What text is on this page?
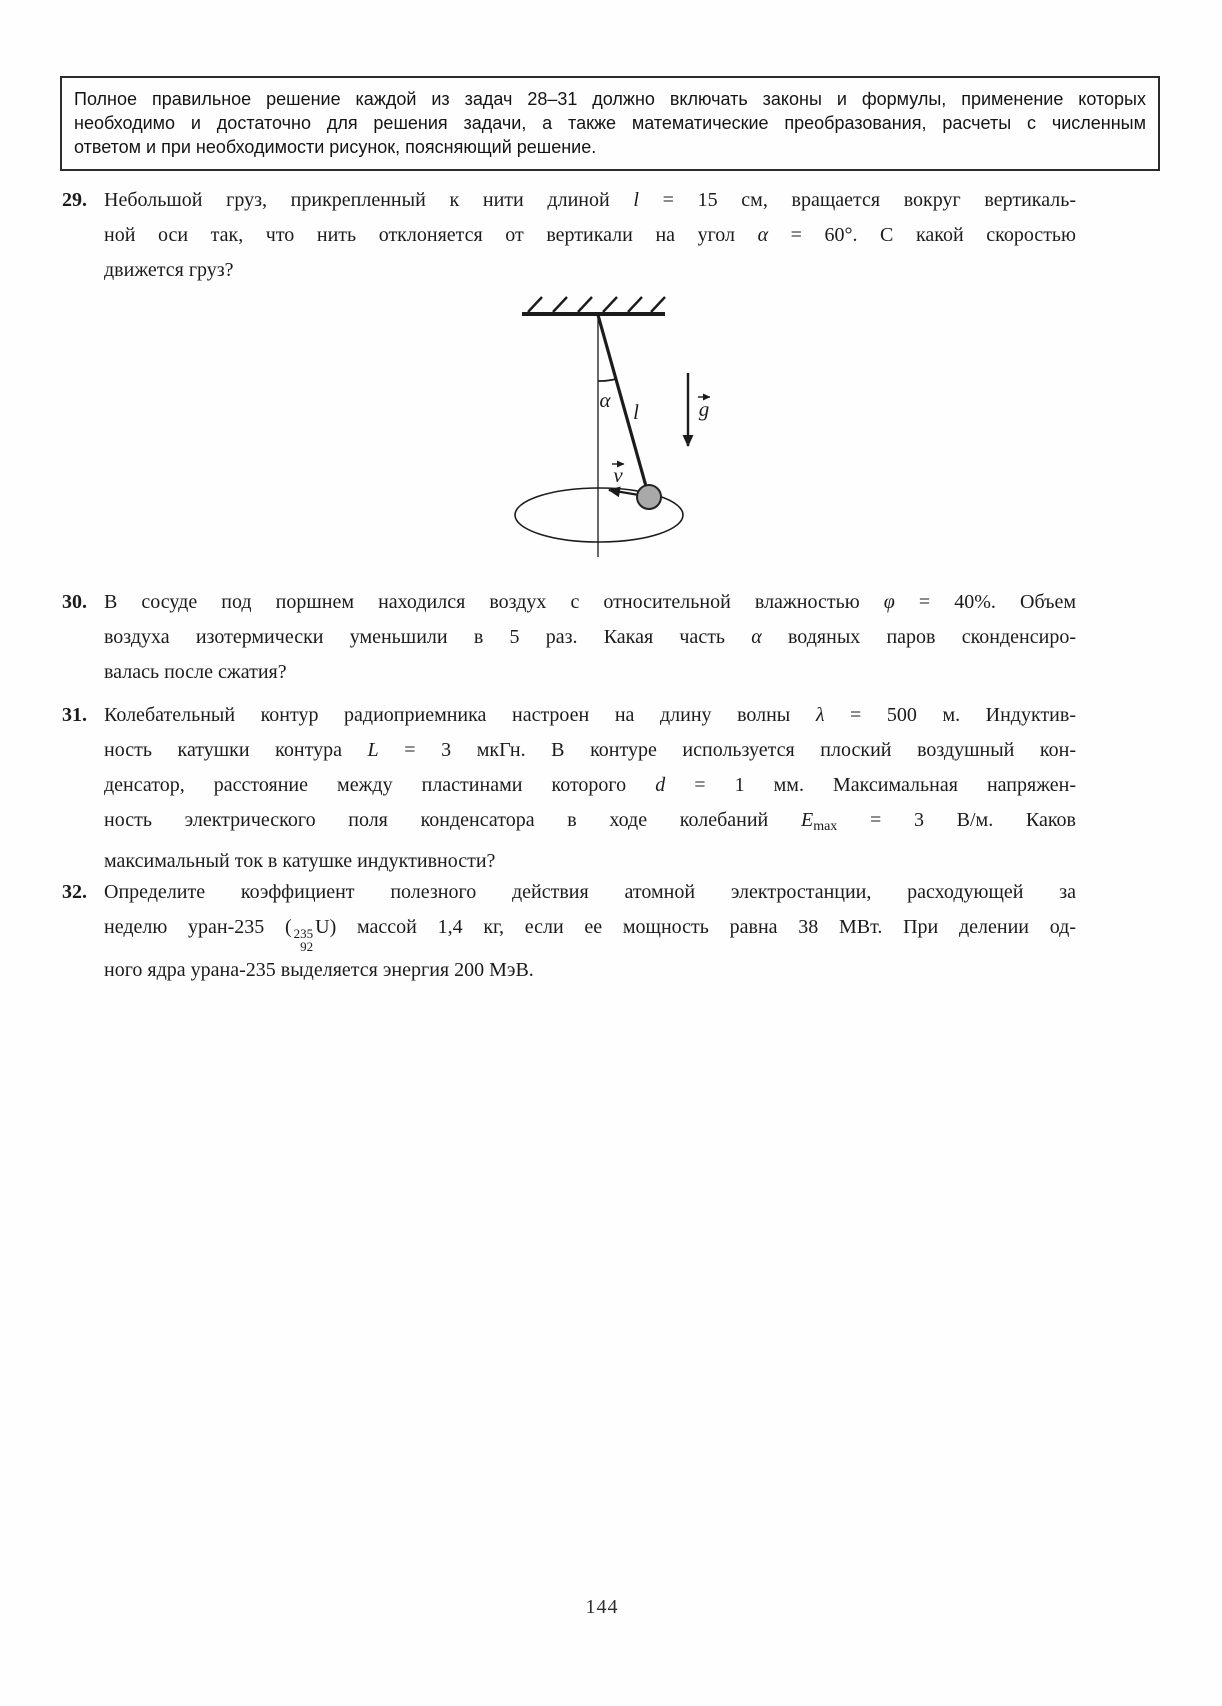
Полное правильное решение каждой из задач 28–31 должно включать законы и формулы, применение которых
необходимо и достаточно для решения задачи, а также математические преобразования, расчеты с численным
ответом и при необходимости рисунок, поясняющий решение.
29. Небольшой груз, прикрепленный к нити длиной l = 15 см, вращается вокруг вертикаль-
ной оси так, что нить отклоняется от вертикали на угол α = 60°. С какой скоростью
движется груз?
α l	g
v
30. В сосуде под поршнем находился воздух с относительной влажностью φ = 40%. Объем
воздуха изотермически уменьшили в 5 раз. Какая часть α водяных паров сконденсиро-
валась после сжатия?
31. Колебательный контур радиоприемника настроен на длину волны λ = 500 м. Индуктив-
ность катушки контура L = 3 мкГн. В контуре используется плоский воздушный кон-
денсатор, расстояние между пластинами которого d = 1 мм. Максимальная напряжен-
ность электрического поля конденсатора в ходе колебаний Emax = 3 В/м. Каков
максимальный ток в катушке индуктивности?
32. Определите коэффициент полезного действия атомной электростанции, расходующей за
неделю уран-235 ( 235
92
U) массой 1,4 кг, если ее мощность равна 38 МВт. При делении од-
ного ядра урана-235 выделяется энергия 200 МэВ.
144
